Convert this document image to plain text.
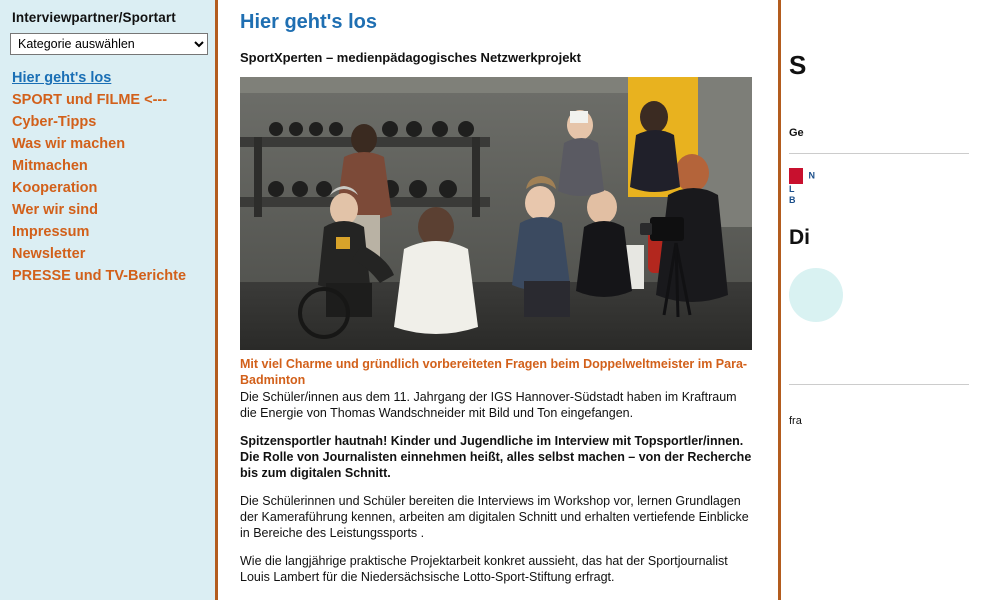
Interviewpartner/Sportart
Kategorie auswählen
Hier geht's los
SPORT und FILME <---
Cyber-Tipps
Was wir machen
Mitmachen
Kooperation
Wer wir sind
Impressum
Newsletter
PRESSE und TV-Berichte
Hier geht's los
SportXperten – medienpädagogisches Netzwerkprojekt
Mit viel Charme und gründlich vorbereiteten Fragen beim Doppelweltmeister im Para-Badminton

Die Schüler/innen aus dem 11. Jahrgang der IGS Hannover-Südstadt haben im Kraftraum die Energie von Thomas Wandschneider mit Bild und Ton eingefangen.

Spitzensportler hautnah! Kinder und Jugendliche im Interview mit Topsportler/innen. Die Rolle von Journalisten einnehmen heißt, alles selbst machen – von der Recherche bis zum digitalen Schnitt.

Die Schülerinnen und Schüler bereiten die Interviews im Workshop vor, lernen Grundlagen der Kameraführung kennen, arbeiten am digitalen Schnitt und erhalten vertiefende Einblicke in Bereiche des Leistungssports .

Wie die langjährige praktische Projektarbeit konkret aussieht, das hat der Sportjournalist Louis Lambert für die Niedersächsische Lotto-Sport-Stiftung erfragt.

S
Ge
N
L
B
Di
fra
